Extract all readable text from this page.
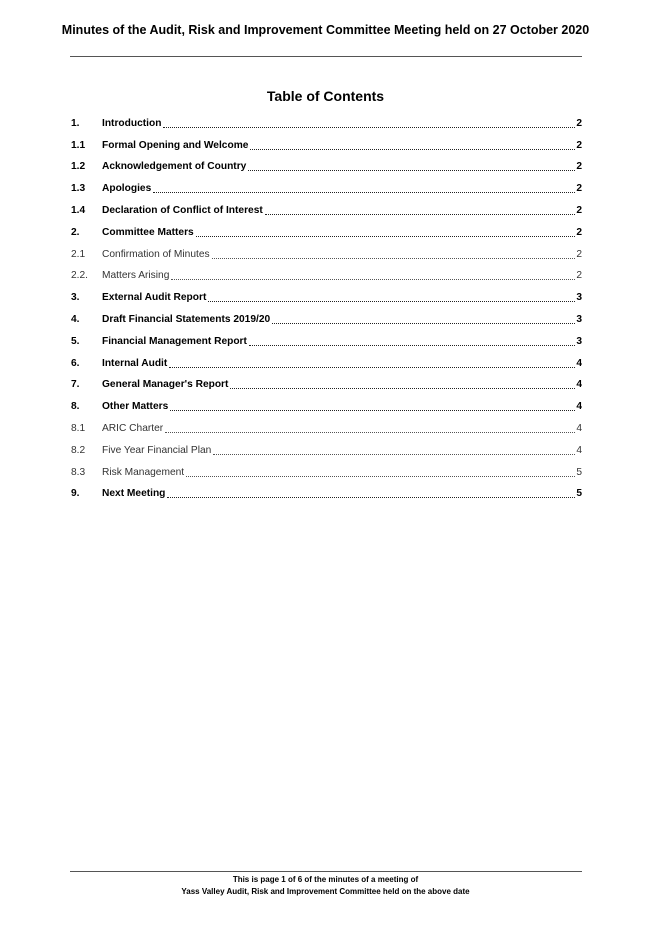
Minutes of the Audit, Risk and Improvement Committee Meeting held on 27 October 2020
Table of Contents
1.	Introduction	2
1.1	Formal Opening and Welcome	2
1.2	Acknowledgement of Country	2
1.3	Apologies	2
1.4	Declaration of Conflict of Interest	2
2.	Committee Matters	2
2.1	Confirmation of Minutes	2
2.2.	Matters Arising	2
3.	External Audit Report	3
4.	Draft Financial Statements 2019/20	3
5.	Financial Management Report	3
6.	Internal Audit	4
7.	General Manager's Report	4
8.	Other Matters	4
8.1	ARIC Charter	4
8.2	Five Year Financial Plan	4
8.3	Risk Management	5
9.	Next Meeting	5
This is page 1 of 6 of the minutes of a meeting of
Yass Valley Audit, Risk and Improvement Committee held on the above date
